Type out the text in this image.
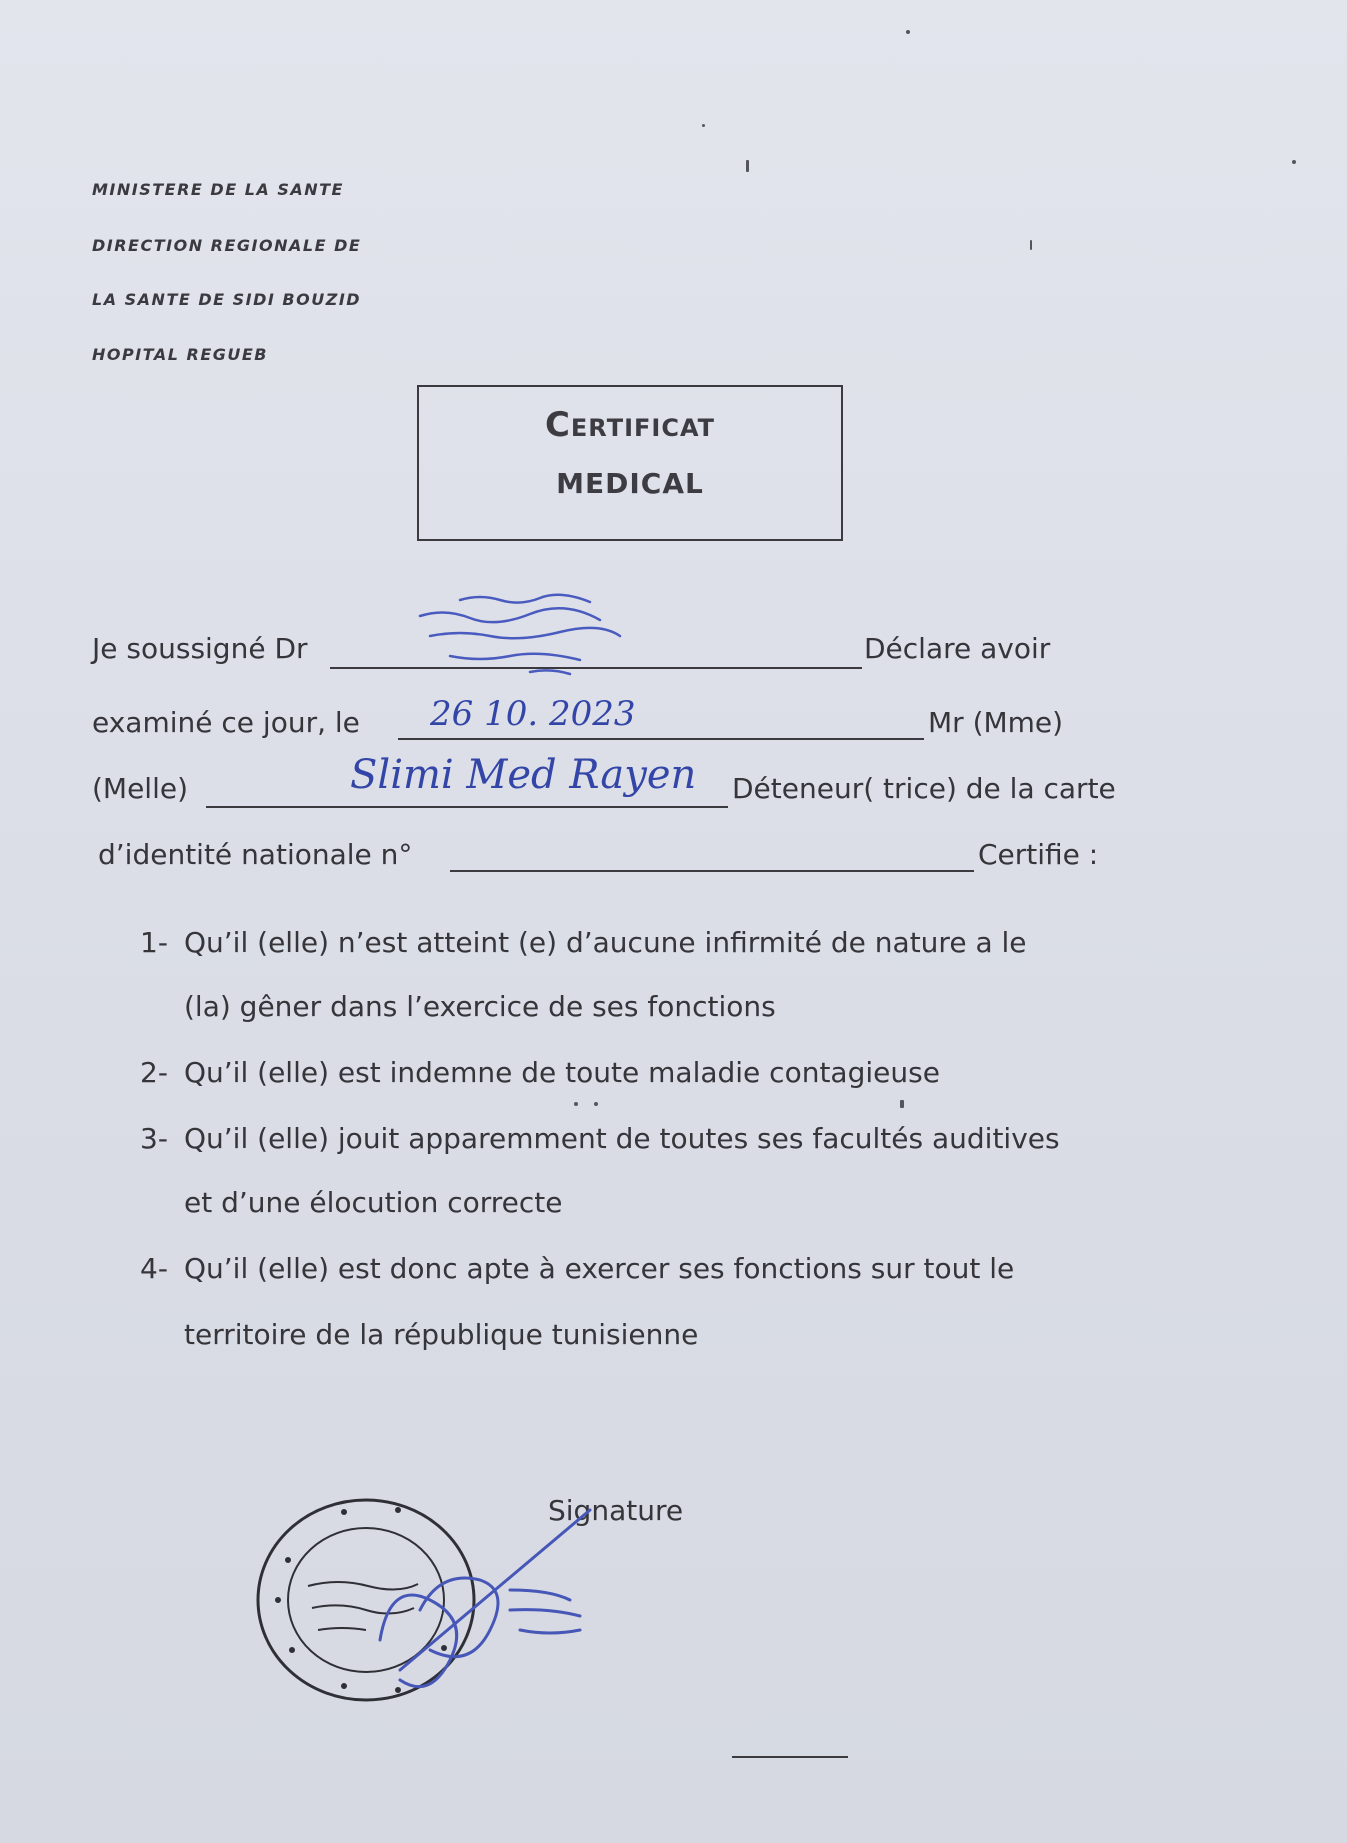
MINISTERE DE LA SANTE
DIRECTION REGIONALE DE
LA SANTE DE SIDI BOUZID
HOPITAL REGUEB
Certificat
MEDICAL
Je soussigné Dr	Déclare avoir
examiné ce jour, le 26 10. 2023	Mr (Mme)
(Melle)	Slimi Med Rayen Déteneur( trice) de la carte
d’identité nationale n°	Certifie :
1- Qu’il (elle) n’est atteint (e) d’aucune infirmité de nature a le
(la) gêner dans l’exercice de ses fonctions
2- Qu’il (elle) est indemne de toute maladie contagieuse
3- Qu’il (elle) jouit apparemment de toutes ses facultés auditives
et d’une élocution correcte
4- Qu’il (elle) est donc apte à exercer ses fonctions sur tout le
territoire de la république tunisienne
Signature
